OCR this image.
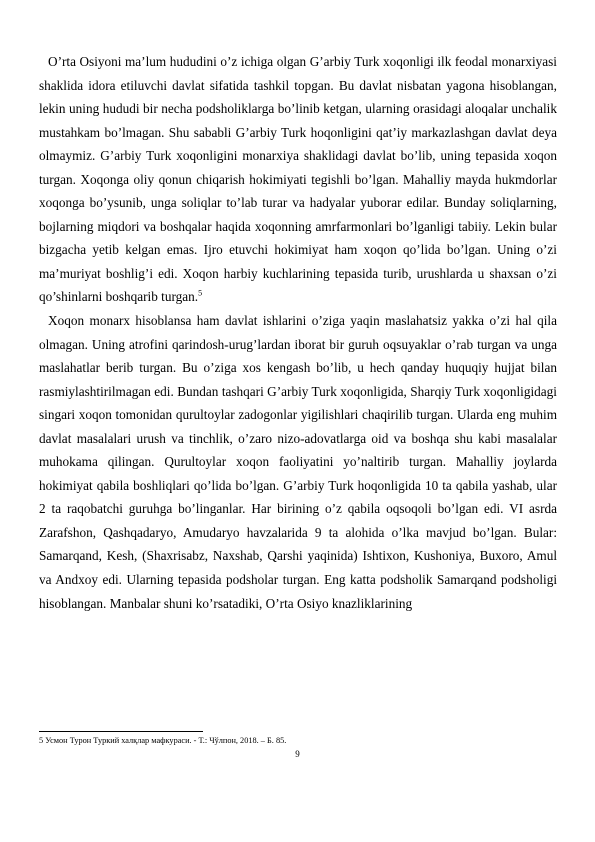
O’rta Osiyoni ma’lum hududini o’z ichiga olgan G’arbiy Turk xoqonligi ilk feodal monarxiyasi shaklida idora etiluvchi davlat sifatida tashkil topgan. Bu davlat nisbatan yagona hisoblangan, lekin uning hududi bir necha podsholiklarga bo’linib ketgan, ularning orasidagi aloqalar unchalik mustahkam bo’lmagan. Shu sababli G’arbiy Turk hoqonligini qat’iy markazlashgan davlat deya olmaymiz. G’arbiy Turk xoqonligini monarxiya shaklidagi davlat bo’lib, uning tepasida xoqon turgan. Xoqonga oliy qonun chiqarish hokimiyati tegishli bo’lgan. Mahalliy mayda hukmdorlar xoqonga bo’ysunib, unga soliqlar to’lab turar va hadyalar yuborar edilar. Bunday soliqlarning, bojlarning miqdori va boshqalar haqida xoqonning amrfarmonlari bo’lganligi tabiiy. Lekin bular bizgacha yetib kelgan emas. Ijro etuvchi hokimiyat ham xoqon qo’lida bo’lgan. Uning o’zi ma’muriyat boshlig’i edi. Xoqon harbiy kuchlarining tepasida turib, urushlarda u shaxsan o’zi qo’shinlarni boshqarib turgan.$^5$

Xoqon monarx hisoblansa ham davlat ishlarini o’ziga yaqin maslahatsiz yakka o’zi hal qila olmagan. Uning atrofini qarindosh-urug’lardan iborat bir guruh oqsuyaklar o’rab turgan va unga maslahatlar berib turgan. Bu o’ziga xos kengash bo’lib, u hech qanday huquqiy hujjat bilan rasmiylashtirilmagan edi. Bundan tashqari G’arbiy Turk xoqonligida, Sharqiy Turk xoqonligidagi singari xoqon tomonidan qurultoylar zadogonlar yigilishlari chaqirilib turgan. Ularda eng muhim davlat masalalari urush va tinchlik, o’zaro nizo-adovatlarga oid va boshqa shu kabi masalalar muhokama qilingan. Qurultoylar xoqon faoliyatini yo’naltirib turgan. Mahalliy joylarda hokimiyat qabila boshliqlari qo’lida bo’lgan. G’arbiy Turk hoqonligida 10 ta qabila yashab, ular 2 ta raqobatchi guruhga bo’linganlar. Har birining o’z qabila oqsoqoli bo’lgan edi. VI asrda Zarafshon, Qashqadaryo, Amudaryo havzalarida 9 ta alohida o’lka mavjud bo’lgan. Bular: Samarqand, Kesh, (Shaxrisabz, Naxshab, Qarshi yaqinida) Ishtixon, Kushoniya, Buxoro, Amul va Andxoy edi. Ularning tepasida podsholar turgan. Eng katta podsholik Samarqand podsholigi hisoblangan. Manbalar shuni ko’rsatadiki, O’rta Osiyo knazliklarining

5 Усмон Турон Туркий халқлар мафкураси. - Т.: Чўлпон, 2018. – Б. 85.
9
